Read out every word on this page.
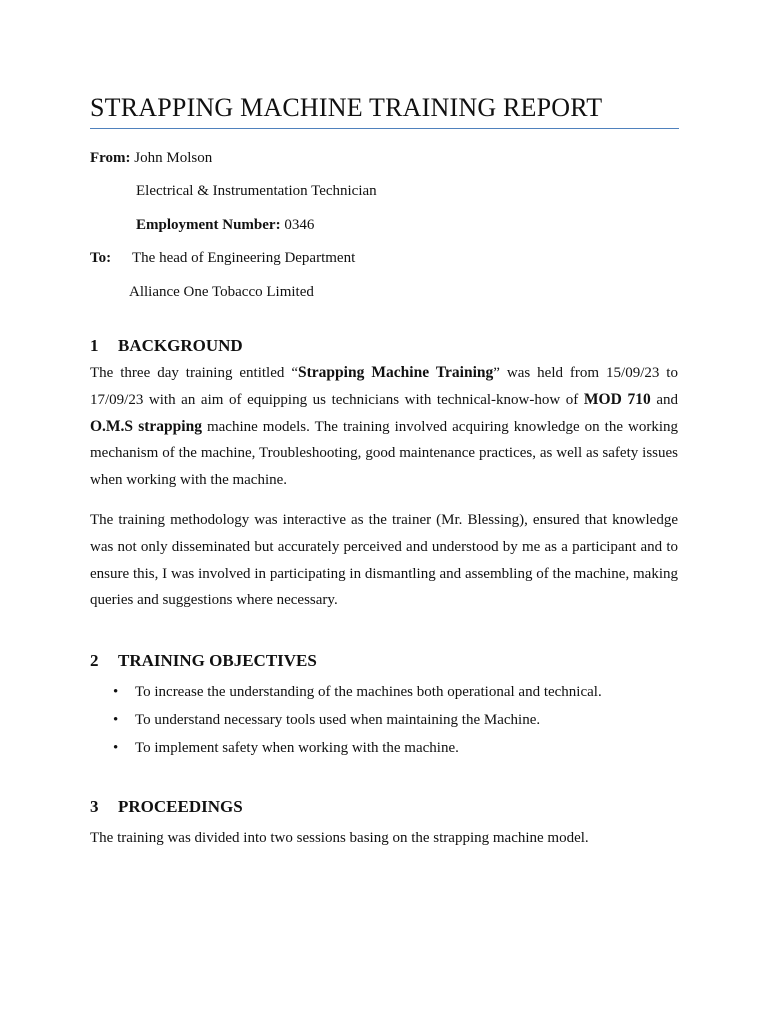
STRAPPING MACHINE TRAINING REPORT
From: John Molson
Electrical & Instrumentation Technician
Employment Number: 0346
To: The head of Engineering Department
Alliance One Tobacco Limited
1 BACKGROUND
The three day training entitled “Strapping Machine Training” was held from 15/09/23 to 17/09/23 with an aim of equipping us technicians with technical-know-how of MOD 710 and O.M.S strapping machine models. The training involved acquiring knowledge on the working mechanism of the machine, Troubleshooting, good maintenance practices, as well as safety issues when working with the machine.
The training methodology was interactive as the trainer (Mr. Blessing), ensured that knowledge was not only disseminated but accurately perceived and understood by me as a participant and to ensure this, I was involved in participating in dismantling and assembling of the machine, making queries and suggestions where necessary.
2 TRAINING OBJECTIVES
• To increase the understanding of the machines both operational and technical.
• To understand necessary tools used when maintaining the Machine.
• To implement safety when working with the machine.
3 PROCEEDINGS
The training was divided into two sessions basing on the strapping machine model.
